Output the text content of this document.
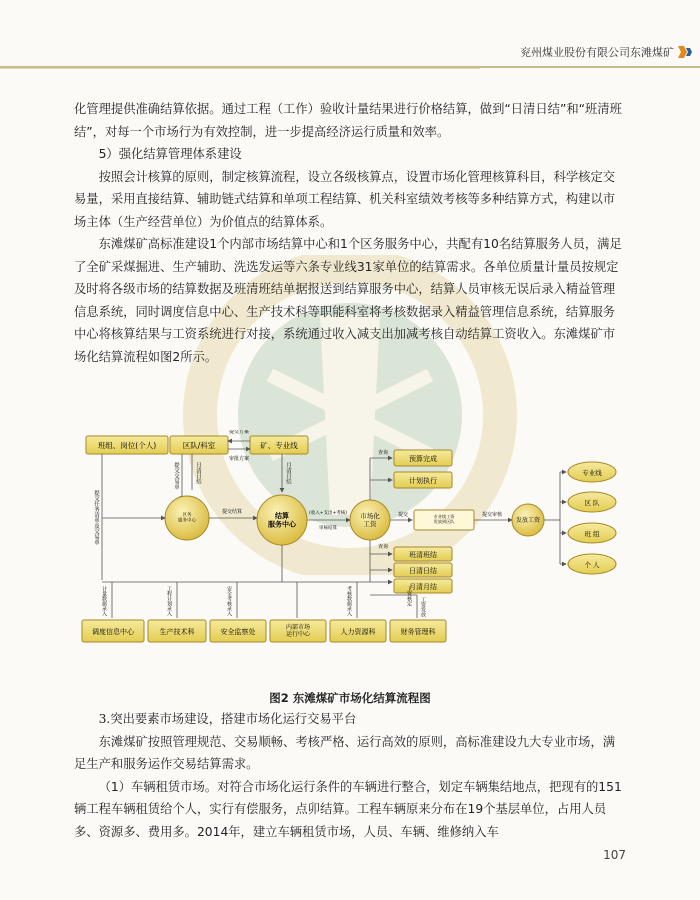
兖州煤业股份有限公司东滩煤矿

化管理提供准确结算依据。通过工程（工作）验收计量结果进行价格结算，做到“日清日结”和“班清班结”，对每一个市场行为有效控制，进一步提高经济运行质量和效率。

5）强化结算管理体系建设

按照会计核算的原则，制定核算流程，设立各级核算点，设置市场化管理核算科目，科学核定交易量，采用直接结算、辅助链式结算和单项工程结算、机关科室绩效考核等多种结算方式，构建以市场主体（生产经营单位）为价值点的结算体系。

东滩煤矿高标准建设1个内部市场结算中心和1个区务服务中心，共配有10名结算服务人员，满足了全矿采煤掘进、生产辅助、洗选发运等六条专业线31家单位的结算需求。各单位质量计量员按规定及时将各级市场的结算数据及班清班结单据报送到结算服务中心，结算人员审核无误后录入精益管理信息系统，同时调度信息中心、生产技术科等职能科室将考核数据录入精益管理信息系统，结算服务中心将核算结果与工资系统进行对接，系统通过收入减支出加减考核自动结算工资收入。东滩煤矿市场化结算流程如图2所示。

班组、岗位(个人)	区队/科室	矿、专业线
提交方案
审批方案
提交任务清单及交易单
提交交易单	日清日结	月清月结
区务服务中心
提交结算	结算服务中心
(收入+支出+考核)
审核结算
市场化工资
查询
预算完成
计划执行
提交	专业线工资发放到区队
提交审核
发放工资
专业线
区 队
班 组
个 人
查询
班清班结
日清日结
月清月结
计量数据录入	工程计划录入	安全考核录入	考核数据录入	工资核定
工资发放
调度信息中心	生产技术科	安全监察处
内部市场运行中心	人力资源科	财务管理科
图2 东滩煤矿市场化结算流程图

3.突出要素市场建设，搭建市场化运行交易平台

东滩煤矿按照管理规范、交易顺畅、考核严格、运行高效的原则，高标准建设九大专业市场，满足生产和服务运作交易结算需求。

（1）车辆租赁市场。对符合市场化运行条件的车辆进行整合，划定车辆集结地点，把现有的151辆工程车辆租赁给个人，实行有偿服务，点卯结算。工程车辆原来分布在19个基层单位，占用人员多、资源多、费用多。2014年，建立车辆租赁市场，人员、车辆、维修纳入车

107
